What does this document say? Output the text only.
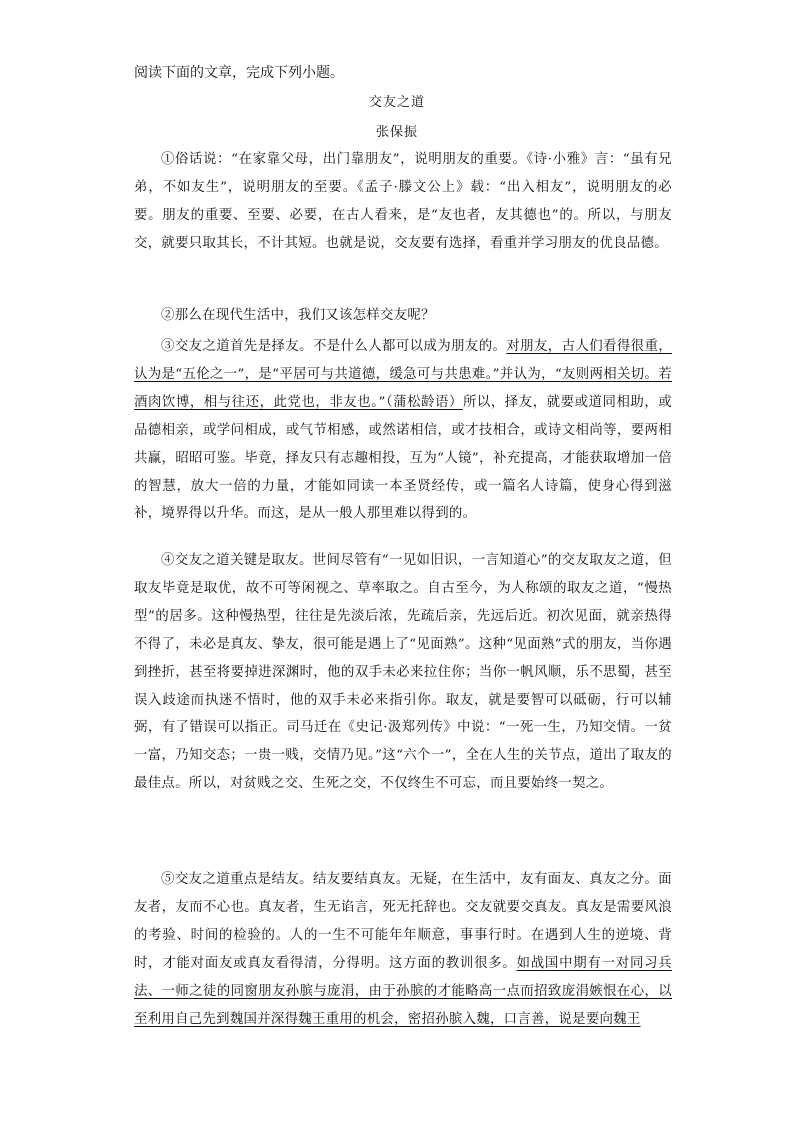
阅读下面的文章，完成下列小题。
交友之道
张保振
①俗话说：“在家靠父母，出门靠朋友”，说明朋友的重要。《诗·小雅》言：“虽有兄弟，不如友生”，说明朋友的至要。《孟子·滕文公上》载：“出入相友”，说明朋友的必要。朋友的重要、至要、必要，在古人看来，是“友也者，友其德也”的。所以，与朋友交，就要只取其长，不计其短。也就是说，交友要有选择，看重并学习朋友的优良品德。
②那么在现代生活中，我们又该怎样交友呢？
③交友之道首先是择友。不是什么人都可以成为朋友的。对朋友，古人们看得很重，认为是“五伦之一”，是“平居可与共道德，缓急可与共患难。”并认为，“友则两相关切。若酒肉饮博，相与往还，此党也，非友也。”（蒲松龄语）所以，择友，就要或道同相助，或品德相亲，或学问相成，或气节相感，或然诺相信，或才技相合，或诗文相尚等，要两相共赢，昭昭可鉴。毕竟，择友只有志趣相投，互为“人镜”，补充提高，才能获取增加一倍的智慧，放大一倍的力量，才能如同读一本圣贤经传，或一篇名人诗篇，使身心得到滋补，境界得以升华。而这，是从一般人那里难以得到的。
④交友之道关键是取友。世间尽管有“一见如旧识，一言知道心”的交友取友之道，但取友毕竟是取优，故不可等闲视之、草率取之。自古至今，为人称颂的取友之道，“慢热型”的居多。这种慢热型，往往是先淡后浓，先疏后亲，先远后近。初次见面，就亲热得不得了，未必是真友、挚友，很可能是遇上了“见面熟”。这种“见面熟”式的朋友，当你遇到挫折，甚至将要掉进深渊时，他的双手未必来拉住你；当你一帆风顺，乐不思蜀，甚至误入歧途而执迷不悟时，他的双手未必来指引你。取友，就是要智可以砥砺，行可以辅弼，有了错误可以指正。司马迁在《史记·汲郑列传》中说：“一死一生，乃知交情。一贫一富，乃知交态；一贵一贱，交情乃见。”这“六个一”，全在人生的关节点，道出了取友的最佳点。所以，对贫贱之交、生死之交，不仅终生不可忘，而且要始终一契之。
⑤交友之道重点是结友。结友要结真友。无疑，在生活中，友有面友、真友之分。面友者，友而不心也。真友者，生无谄言，死无托辞也。交友就要交真友。真友是需要风浪的考验、时间的检验的。人的一生不可能年年顺意，事事行时。在遇到人生的逆境、背时，才能对面友或真友看得清，分得明。这方面的教训很多。如战国中期有一对同习兵法、一师之徒的同窗朋友孙膑与庞涓，由于孙膑的才能略高一点而招致庞涓嫉恨在心，以至利用自己先到魏国并深得魏王重用的机会，密招孙膑入魏，口言善，说是要向魏王
